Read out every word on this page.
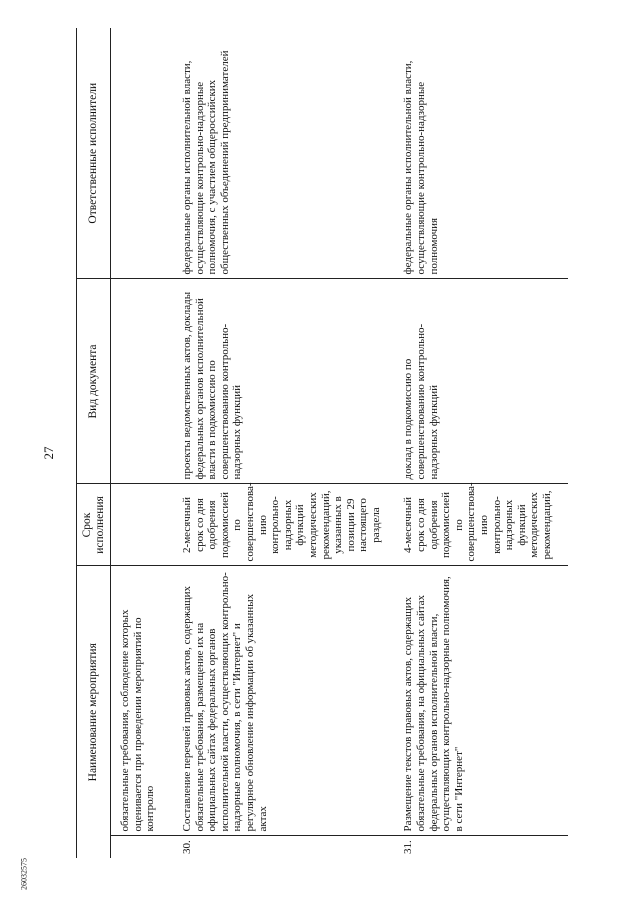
27
Наименование мероприятия		Срок исполнения	Вид документа	Ответственные исполнители
	обязательные требования, соблюдение которых оценивается при проведении мероприятий по контролю			
30.	Составление перечней правовых актов, содержащих обязательные требования, размещение их на официальных сайтах федеральных органов исполнительной власти, осуществляющих контрольно-надзорные полномочия, в сети "Интернет" и регулярное обновление информации об указанных актах	2-месячный срок со дня одобрения подкомиссией по совершенствова-нию контрольно-надзорных функций методических рекомендаций, указанных в позиции 29 настоящего раздела	проекты ведомственных актов, доклады федеральных органов исполнительной власти в подкомиссию по совершенствованию контрольно-надзорных функций	федеральные органы исполнительной власти, осуществляющие контрольно-надзорные полномочия, с участием общероссийских общественных объединений предпринимателей
31.	Размещение текстов правовых актов, содержащих обязательные требования, на официальных сайтах федеральных органов исполнительной власти, осуществляющих контрольно-надзорные полномочия, в сети "Интернет"	4-месячный срок со дня одобрения подкомиссией по совершенствова-нию контрольно-надзорных функций методических рекомендаций,	доклад в подкомиссию по совершенствованию контрольно-надзорных функций	федеральные органы исполнительной власти, осуществляющие контрольно-надзорные полномочия
26032575
